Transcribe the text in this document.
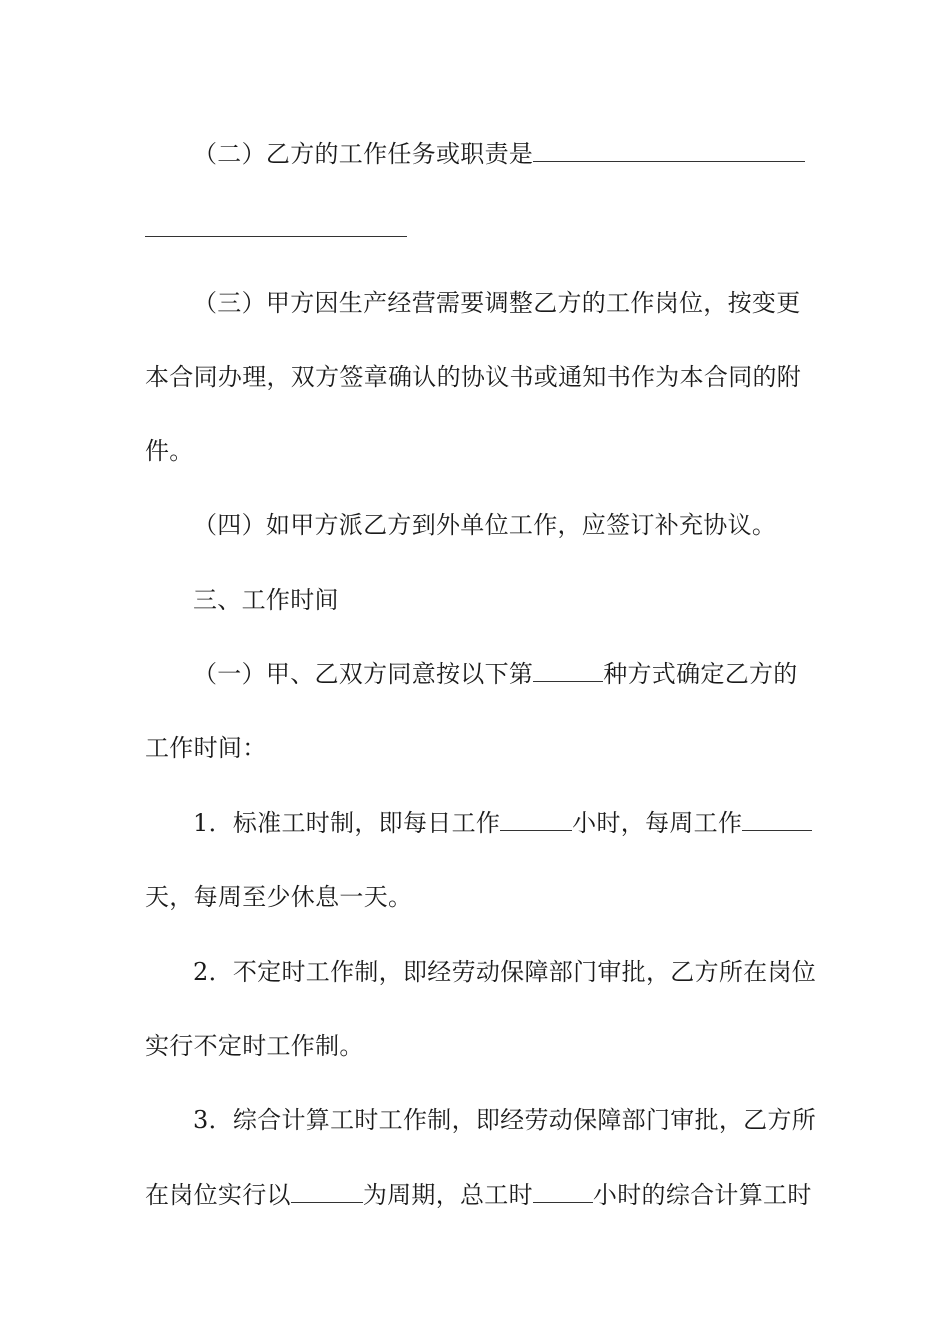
（二）乙方的工作任务或职责是
（三）甲方因生产经营需要调整乙方的工作岗位，按变更
本合同办理，双方签章确认的协议书或通知书作为本合同的附
件。
（四）如甲方派乙方到外单位工作，应签订补充协议。
三、工作时间
（一）甲、乙双方同意按以下第	种方式确定乙方的
工作时间：
1．标准工时制，即每日工作	小时，每周工作
天，每周至少休息一天。
2．不定时工作制，即经劳动保障部门审批，乙方所在岗位
实行不定时工作制。
3．综合计算工时工作制，即经劳动保障部门审批，乙方所
在岗位实行以	为周期，总工时	小时的综合计算工时
